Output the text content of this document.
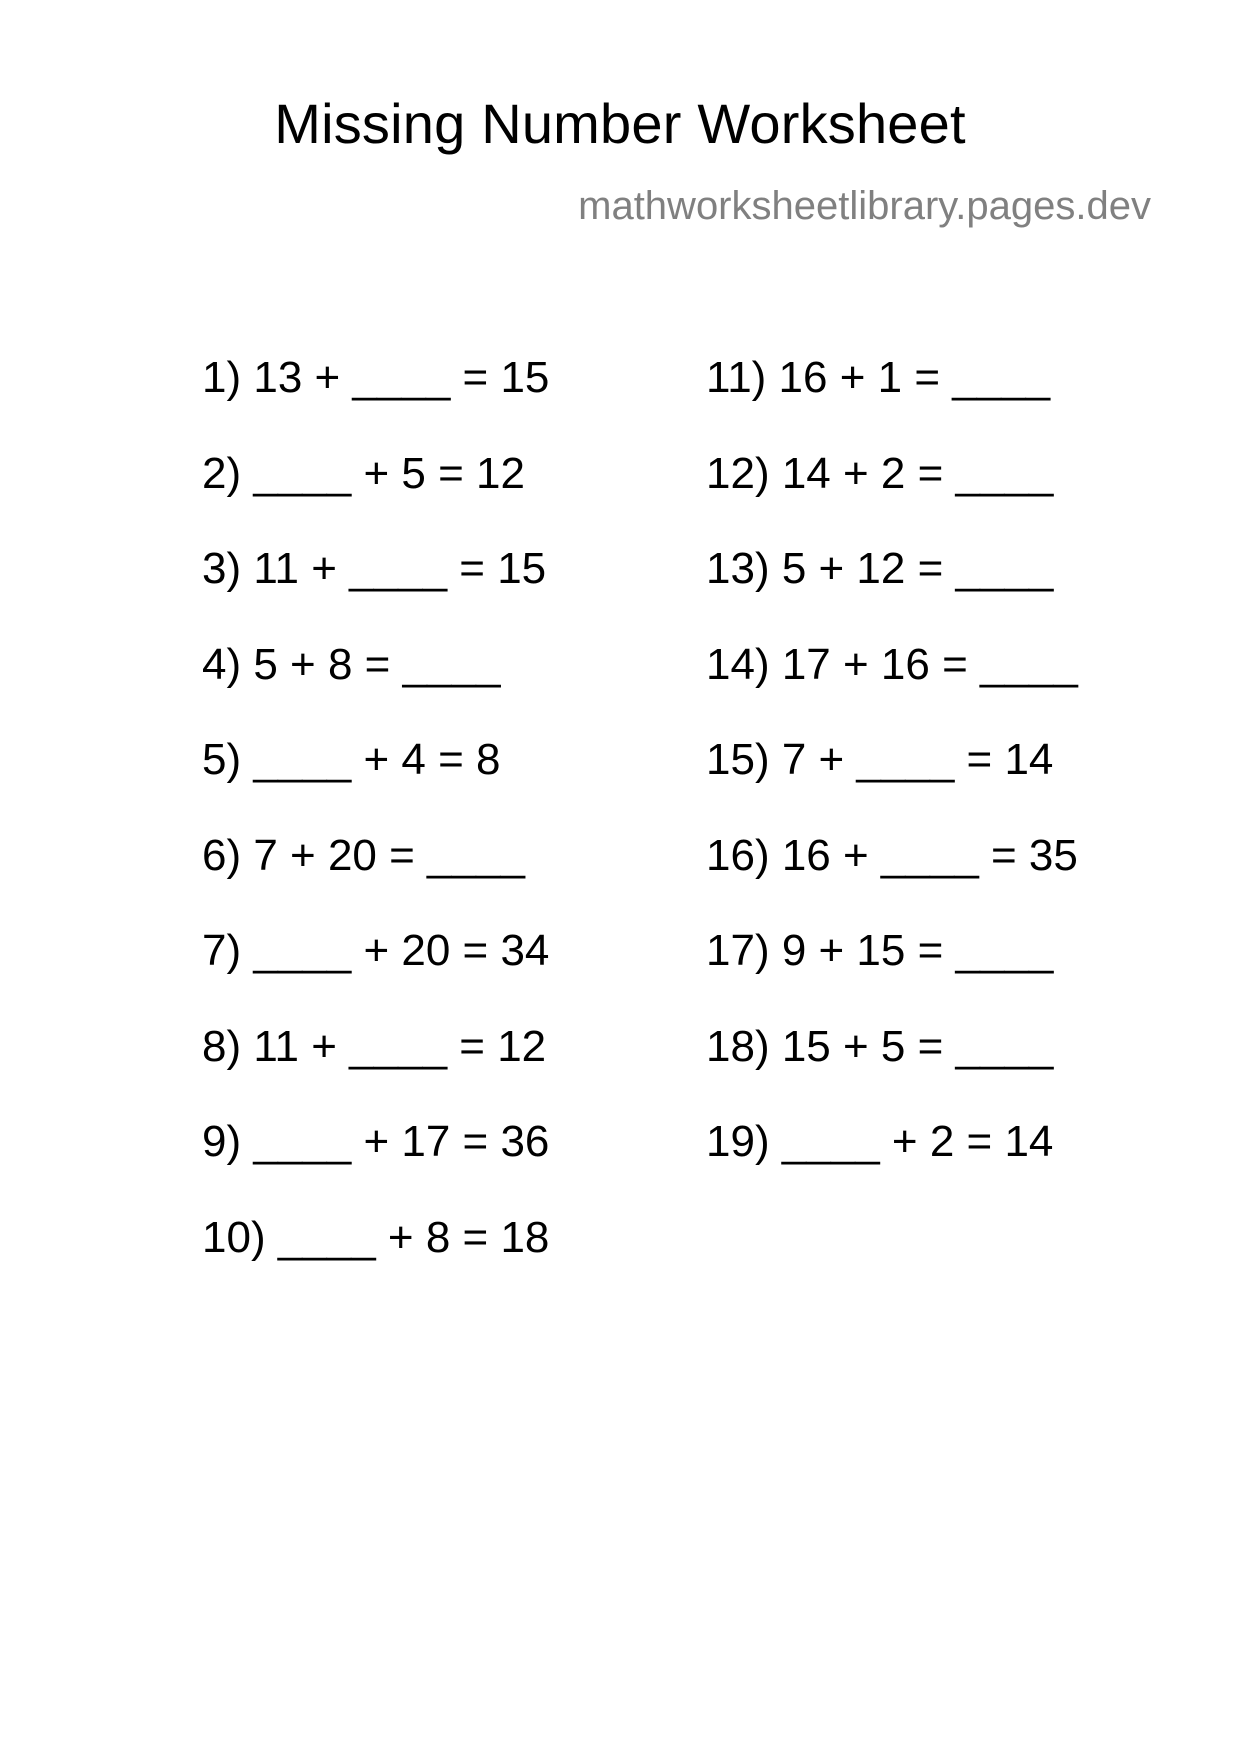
Missing Number Worksheet
mathworksheetlibrary.pages.dev
1) 13 + ____ = 15
2) ____ + 5 = 12
3) 11 + ____ = 15
4) 5 + 8 = ____
5) ____ + 4 = 8
6) 7 + 20 = ____
7) ____ + 20 = 34
8) 11 + ____ = 12
9) ____ + 17 = 36
10) ____ + 8 = 18
11) 16 + 1 = ____
12) 14 + 2 = ____
13) 5 + 12 = ____
14) 17 + 16 = ____
15) 7 + ____ = 14
16) 16 + ____ = 35
17) 9 + 15 = ____
18) 15 + 5 = ____
19) ____ + 2 = 14
